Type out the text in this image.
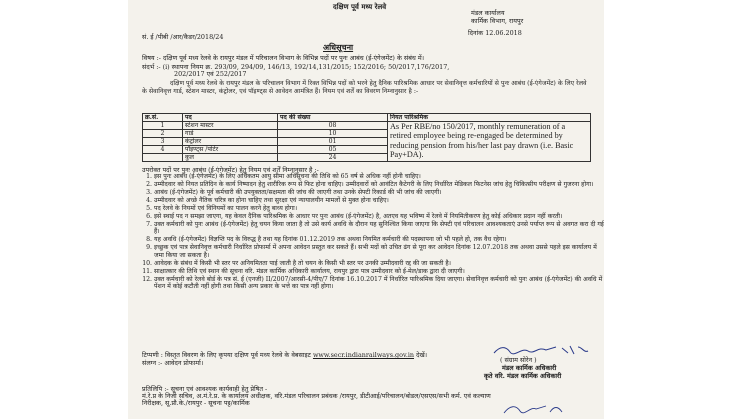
दक्षिण पूर्व मध्य रेलवे
मंडल कार्यालय
कार्मिक विभाग, रायपुर
सं. ई /पीबी /आर/कैडर/2018/24	दिनांक 12.06.2018
अधिसूचना
विषय :- दक्षिण पूर्व मध्य रेलवे के रायपुर मंडल में परिचालन विभाग के विभिन्न पदों पर पुनः आबंध (ई-एंगेजमेंट) के संबंध में।
संदर्भ :- (i) स्थापना नियम क्र. 293/09, 294/09, 146/13, 192/14,131/2015; 152/2016; 50/2017,176/2017,
202/2017 एवं 252/2017
दक्षिण पूर्व मध्य रेलवे के रायपुर मंडल के परिचालन विभाग में रिक्त विभिन्न पदों को भरने हेतु दैनिक पारिश्रमिक आधार पर सेवानिवृत्त कर्मचारियों से पुनः आबंध (ई-एंगेजमेंट) के लिए रेलवे के सेवानिवृत्त गार्ड, स्टेशन मास्टर, कंट्रोलर, एवं पॉइण्ट्स से आवेदन आमंत्रित हैं। नियम एवं शर्तें का विवरण निम्नानुसार है :-
क्र.सं.	पद	पद की संख्या	नियत पारिश्रमिक
1	स्टेशन मास्टर	08	As Per RBE/no 150/2017, monthly remuneration of a retired employee being re-engaged be determined by reducing pension from his/her last pay drawn (i.e. Basic Pay+DA).
2	गार्ड	10	
3	कंट्रोलर	01	
4	पॉइण्ट्स /पोर्टर	05	
	कुल	24	
उपरोक्त पदों पर पुनः आबंध (ई-एंगेजमेंट) हेतु नियम एवं शर्तें निम्नानुसार है :-
1. इस पुनः आबंध (ई-एंगेजमेंट) के लिए अधिकतम आयु सीमा अधिसूचना की तिथि को 65 वर्ष से अधिक नहीं होनी चाहिए।
2. उम्मीदवार को नियत प्रतिदिन के कार्य निष्पादन हेतु शारीरिक रूप से फिट होना चाहिए। उम्मीदवारों को आवंटित कैटेगरी के लिए निर्धारित मेडिकल फिटनेस जांच हेतु चिकित्सीय परीक्षण से गुजरना होगा।
3. आबंध (ई-एंगेजमेंट) के पूर्व कर्मचारी की उपयुक्तता/सक्षमता की जांच की जाएगी तथा उनके सेफ्टी रिकार्ड की भी जांच की जाएगी।
4. उम्मीदवार को अच्छे नैतिक चरित्र का होना चाहिए तथा सुरक्षा एवं न्यायालयीन मामलों से मुक्त होना चाहिए।
5. पद रेलवे के नियमों एवं विनियमों का पालन करने हेतु बाध्य होगा।
6. इसे स्थाई पद न समझा जाएगा, यह केवल दैनिक पारिश्रमिक के आधार पर पुनः आबंध (ई-एंगेजमेंट) है, अतएव यह भविष्य में रेलवे में नियमितीकरण हेतु कोई अधिकार प्रदान नहीं करती।
7. उक्त कर्मचारी को पुनः आबंध (ई-एंगेजमेंट) हेतु चयन किया जाता है तो उसे कार्य अवधि के दौरान यह सुनिश्चित किया जाएगा कि सेफ्टी एवं परिचालन आवश्यकताएं उनसे पर्याप्त रूप से अवगत करा दी गई हैं।
8. यह अवधि (ई-एंगेजमेंट) विज्ञप्ति पद के विरुद्ध है तथा यह दिनांक 01.12.2019 तक अथवा नियमित कर्मचारी की पदस्थापना जो भी पहले हो, तक वैध रहेगा।
9. इच्छुक एवं पात्र सेवानिवृत्त कर्मचारी निर्धारित प्रोफार्मा में अपना आवेदन प्रस्तुत कर सकते हैं। सभी मदों को उचित ढंग से पूरा कर आवेदन दिनांक 12.07.2018 तक अथवा उससे पहले इस कार्यालय में जमा किया जा सकता है।
10. आवेदक के संबंध में किसी भी स्तर पर अनियमितता पाई जाती है तो चयन के किसी भी स्तर पर उनकी उम्मीदवारी रद्द की जा सकती है।
11. साक्षात्कार की तिथि एवं स्थान की सूचना वरि. मंडल कार्मिक अधिकारी कार्यालय, रायपुर द्वारा पात्र उम्मीदवार को ई-मेल/डाक द्वारा दी जाएगी।
12. उक्त कर्मचारी को रेलवे बोर्ड के पत्र सं. ई (एनजी) II/2007/आरसी-4/पीए/7 दिनांक 16.10.2017 में निर्धारित पारिश्रमिक दिया जाएगा। सेवानिवृत्त कर्मचारी को पुनः आबंध (ई-एंगेजमेंट) की अवधि में पेंशन में कोई कटौती नहीं होगी तथा किसी अन्य प्रकार के भत्ते का पात्र नहीं होगा।
टिप्पणी : विस्तृत विवरण के लिए कृपया दक्षिण पूर्व मध्य रेलवे के वेबसाइट www.secr.indianrailways.gov.in देखें।
संलग्न :- आवेदन प्रोफार्मा।	( संग्राम सोरेन )
मंडल कार्मिक अधिकारी
कृते वरि. मंडल कार्मिक अधिकारी
प्रतिलिपि :- सूचना एवं आवश्यक कार्यवाही हेतु प्रेषित -
मं.रे.प्र के निजी सचिव, अ.मं.रे.प्र. के कार्यालय अधीक्षक, वरि.मंडल परिचालन प्रबंधक /रायपुर, डीटीआई/परिचालन/बोडल/एसएस/सभी कर्म. एवं कल्याण
निरीक्षक, सू.प्रौ.के./रायपुर - सूचना पट्ट/कार्मिक
